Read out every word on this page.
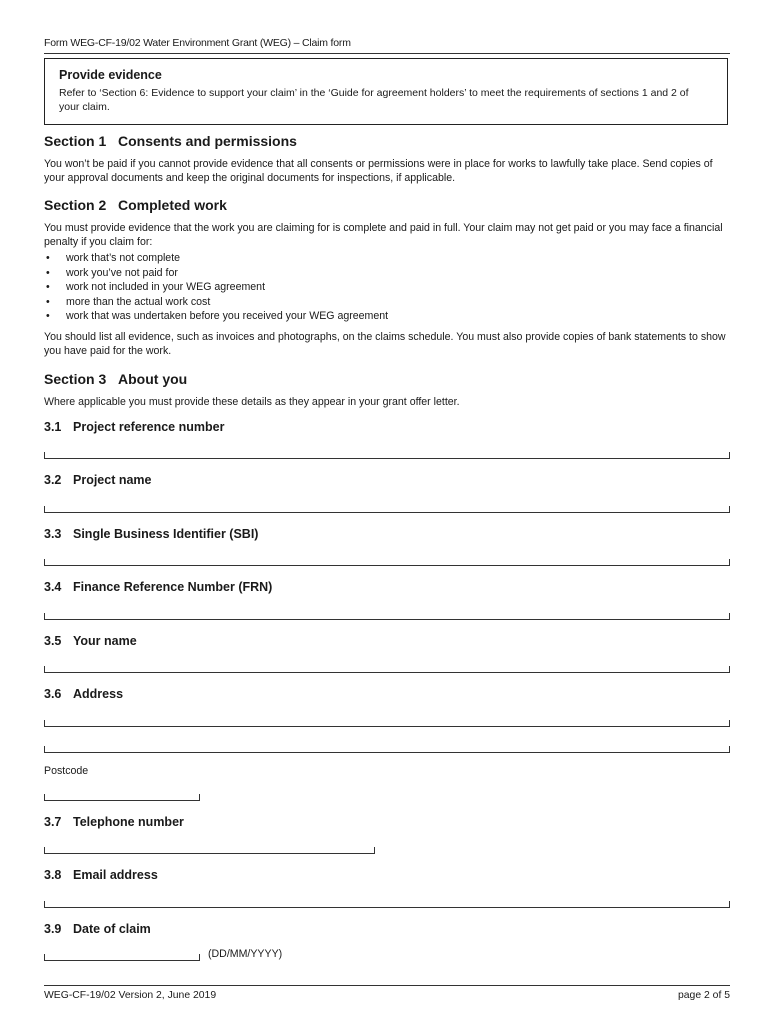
Form WEG-CF-19/02 Water Environment Grant (WEG) – Claim form
Provide evidence
Refer to ‘Section 6: Evidence to support your claim’ in the ‘Guide for agreement holders’ to meet the requirements of sections 1 and 2 of your claim.
Section 1 Consents and permissions

You won’t be paid if you cannot provide evidence that all consents or permissions were in place for works to lawfully take place. Send copies of your approval documents and keep the original documents for inspections, if applicable.

Section 2 Completed work

You must provide evidence that the work you are claiming for is complete and paid in full. Your claim may not get paid or you may face a financial penalty if you claim for:

• work that’s not complete
• work you’ve not paid for
• work not included in your WEG agreement
• more than the actual work cost
• work that was undertaken before you received your WEG agreement

You should list all evidence, such as invoices and photographs, on the claims schedule. You must also provide copies of bank statements to show you have paid for the work.

Section 3 About you

Where applicable you must provide these details as they appear in your grant offer letter.

3.1 Project reference number
3.2 Project name
3.3 Single Business Identifier (SBI)
3.4 Finance Reference Number (FRN)
3.5 Your name
3.6 Address
Postcode
3.7 Telephone number
3.8 Email address
3.9 Date of claim
(DD/MM/YYYY)
WEG-CF-19/02 Version 2, June 2019	page 2 of 5
